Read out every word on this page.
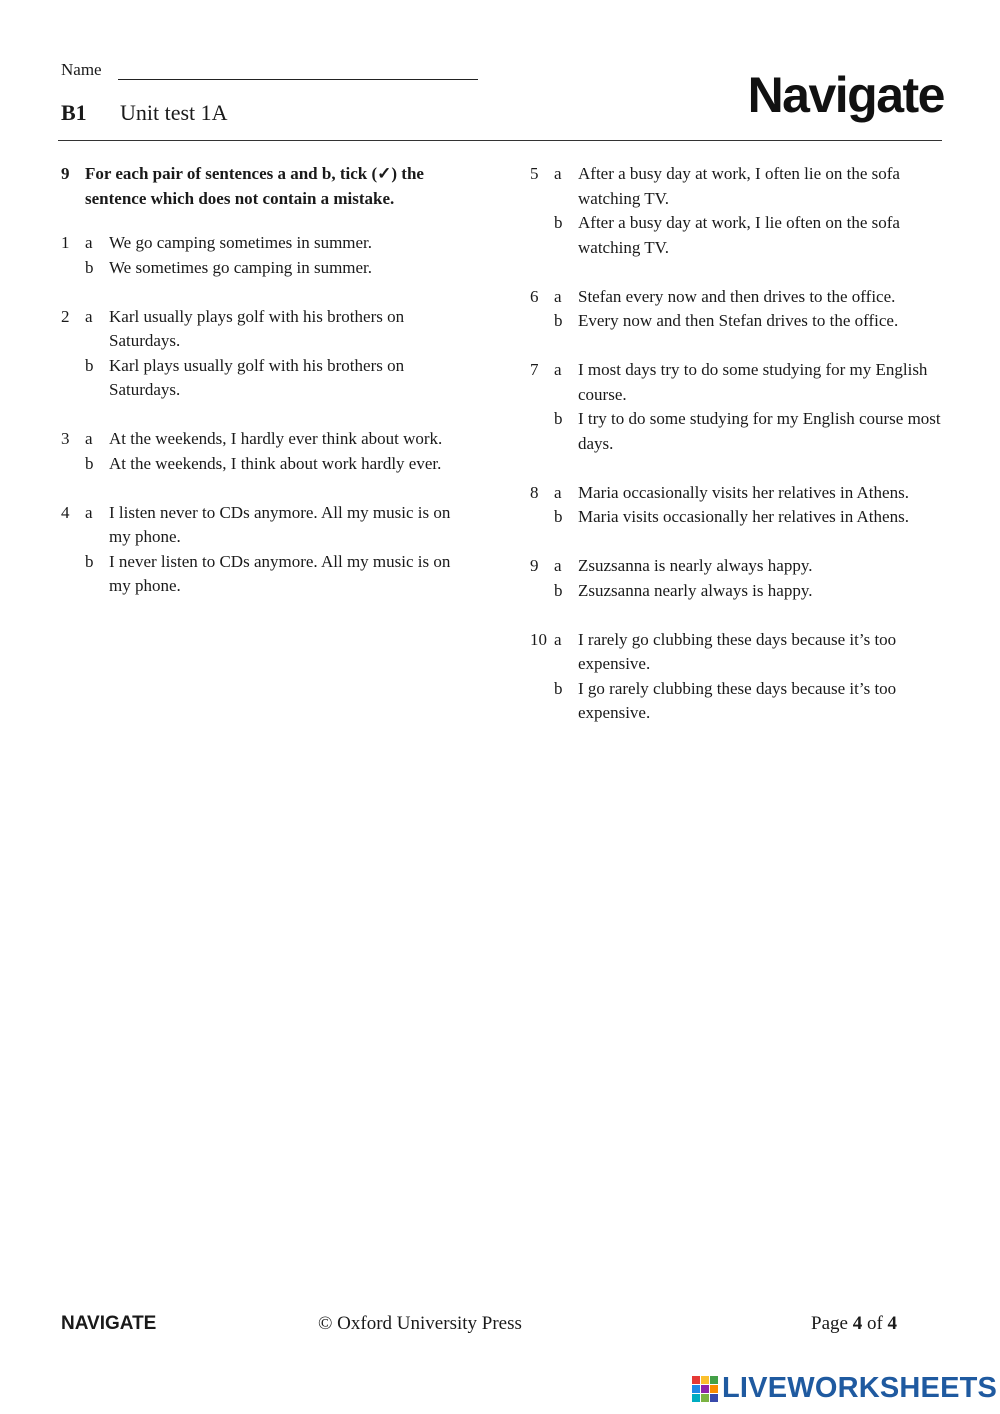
Name
B1 Unit test 1A	Navigate
9 For each pair of sentences a and b, tick (✓) the sentence which does not contain a mistake.
1 a We go camping sometimes in summer.
b We sometimes go camping in summer.
2 a Karl usually plays golf with his brothers on Saturdays.
b Karl plays usually golf with his brothers on Saturdays.
3 a At the weekends, I hardly ever think about work.
b At the weekends, I think about work hardly ever.
4 a I listen never to CDs anymore. All my music is on my phone.
b I never listen to CDs anymore. All my music is on my phone.
5 a After a busy day at work, I often lie on the sofa watching TV.
b After a busy day at work, I lie often on the sofa watching TV.
6 a Stefan every now and then drives to the office.
b Every now and then Stefan drives to the office.
7 a I most days try to do some studying for my English course.
b I try to do some studying for my English course most days.
8 a Maria occasionally visits her relatives in Athens.
b Maria visits occasionally her relatives in Athens.
9 a Zsuzsanna is nearly always happy.
b Zsuzsanna nearly always is happy.
10 a I rarely go clubbing these days because it’s too expensive.
b I go rarely clubbing these days because it’s too expensive.
NAVIGATE	© Oxford University Press	Page 4 of 4
LIVEWORKSHEETS
